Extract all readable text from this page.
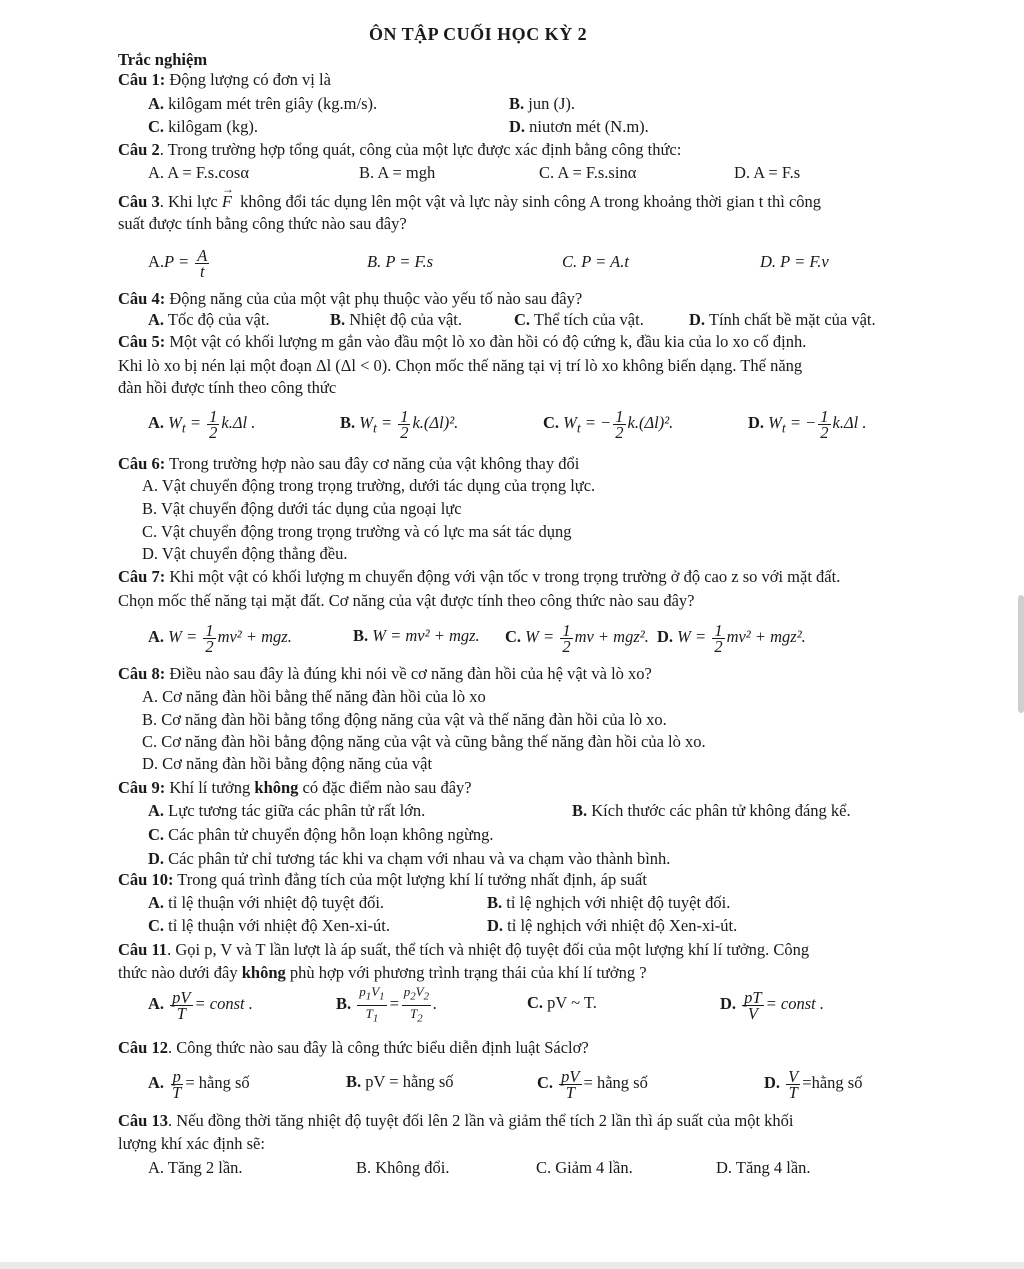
ÔN TẬP CUỐI HỌC KỲ 2
Trắc nghiệm
Câu 1: Động lượng có đơn vị là
A. kilôgam mét trên giây (kg.m/s).	B. jun (J).
C. kilôgam (kg).	D. niutơn mét (N.m).
Câu 2. Trong trường hợp tổng quát, công của một lực được xác định bằng công thức:
A. A = F.s.cosα	B. A = mgh	C. A = F.s.sinα	D. A = F.s
Câu 3. Khi lực → F không đổi tác dụng lên một vật và lực này sinh công A trong khoảng thời gian t thì công
suất được tính bằng công thức nào sau đây?
$A.P = \frac{A}{t}$	B. P = F.s	C. P = A.t	D. P = F.v
Câu 4: Động năng của của một vật phụ thuộc vào yếu tố nào sau đây?
A. Tốc độ của vật.	B. Nhiệt độ của vật.	C. Thể tích của vật.	D. Tính chất bề mặt của vật.
Câu 5: Một vật có khối lượng m gắn vào đầu một lò xo đàn hồi có độ cứng k, đầu kia của lo xo cố định.
Khi lò xo bị nén lại một đoạn Δl (Δl < 0). Chọn mốc thế năng tại vị trí lò xo không biến dạng. Thế năng
đàn hồi được tính theo công thức
A. $W_t = \frac{1}{2} k.\Delta l$ .	B. $W_t = \frac{1}{2} k.(\Delta l)^2$.	C. $W_t$ = − $\frac{1}{2} k.(\Delta l)^2$.	D. $W_t$ = − $\frac{1}{2} k.\Delta l$ .
Câu 6: Trong trường hợp nào sau đây cơ năng của vật không thay đổi
A. Vật chuyển động trong trọng trường, dưới tác dụng của trọng lực.
B. Vật chuyển động dưới tác dụng của ngoại lực
C. Vật chuyển động trong trọng trường và có lực ma sát tác dụng
D. Vật chuyển động thẳng đều.
Câu 7: Khi một vật có khối lượng m chuyển động với vận tốc v trong trọng trường ở độ cao z so với mặt đất.
Chọn mốc thế năng tại mặt đất. Cơ năng của vật được tính theo công thức nào sau đây?
A. $W = \frac{1}{2} mv^2$ + mgz.	B. W = mv² + mgz. C. $W = \frac{1}{2}$ mv + mgz². D. $W = \frac{1}{2} mv^2 + mgz^2$.
Câu 8: Điều nào sau đây là đúng khi nói về cơ năng đàn hồi của hệ vật và lò xo?
A. Cơ năng đàn hồi bằng thế năng đàn hồi của lò xo
B. Cơ năng đàn hồi bằng tổng động năng của vật và thế năng đàn hồi của lò xo.
C. Cơ năng đàn hồi bằng động năng của vật và cũng bằng thế năng đàn hồi của lò xo.
D. Cơ năng đàn hồi bằng động năng của vật
Câu 9: Khí lí tưởng không có đặc điểm nào sau đây?
A. Lực tương tác giữa các phân tử rất lớn.	B. Kích thước các phân tử không đáng kể.
C. Các phân tử chuyển động hỗn loạn không ngừng.
D. Các phân tử chỉ tương tác khi va chạm với nhau và va chạm vào thành bình.
Câu 10: Trong quá trình đẳng tích của một lượng khí lí tưởng nhất định, áp suất
A. tỉ lệ thuận với nhiệt độ tuyệt đối.	B. tỉ lệ nghịch với nhiệt độ tuyệt đối.
C. tỉ lệ thuận với nhiệt độ Xen-xi-út.	D. tỉ lệ nghịch với nhiệt độ Xen-xi-út.
Câu 11. Gọi p, V và T lần lượt là áp suất, thể tích và nhiệt độ tuyệt đối của một lượng khí lí tưởng. Công
thức nào dưới đây không phù hợp với phương trình trạng thái của khí lí tưởng ?
A. $\frac{pV}{T}$ = const .	B. $\frac{p_1V_1}{T_1} = \frac{p_2V_2}{T_2}$ .	C. pV ~ T.	D. $\frac{pT}{V}$ = const .
Câu 12. Công thức nào sau đây là công thức biểu diễn định luật Sáclơ?
A. $\frac{p}{T}$ = hằng số	B. pV = hằng số	C. $\frac{pV}{T}$ = hằng số	D. $\frac{V}{T}$ =hằng số
Câu 13. Nếu đồng thời tăng nhiệt độ tuyệt đối lên 2 lần và giảm thể tích 2 lần thì áp suất của một khối
lượng khí xác định sẽ:
A. Tăng 2 lần.	B. Không đổi.	C. Giảm 4 lần.	D. Tăng 4 lần.
